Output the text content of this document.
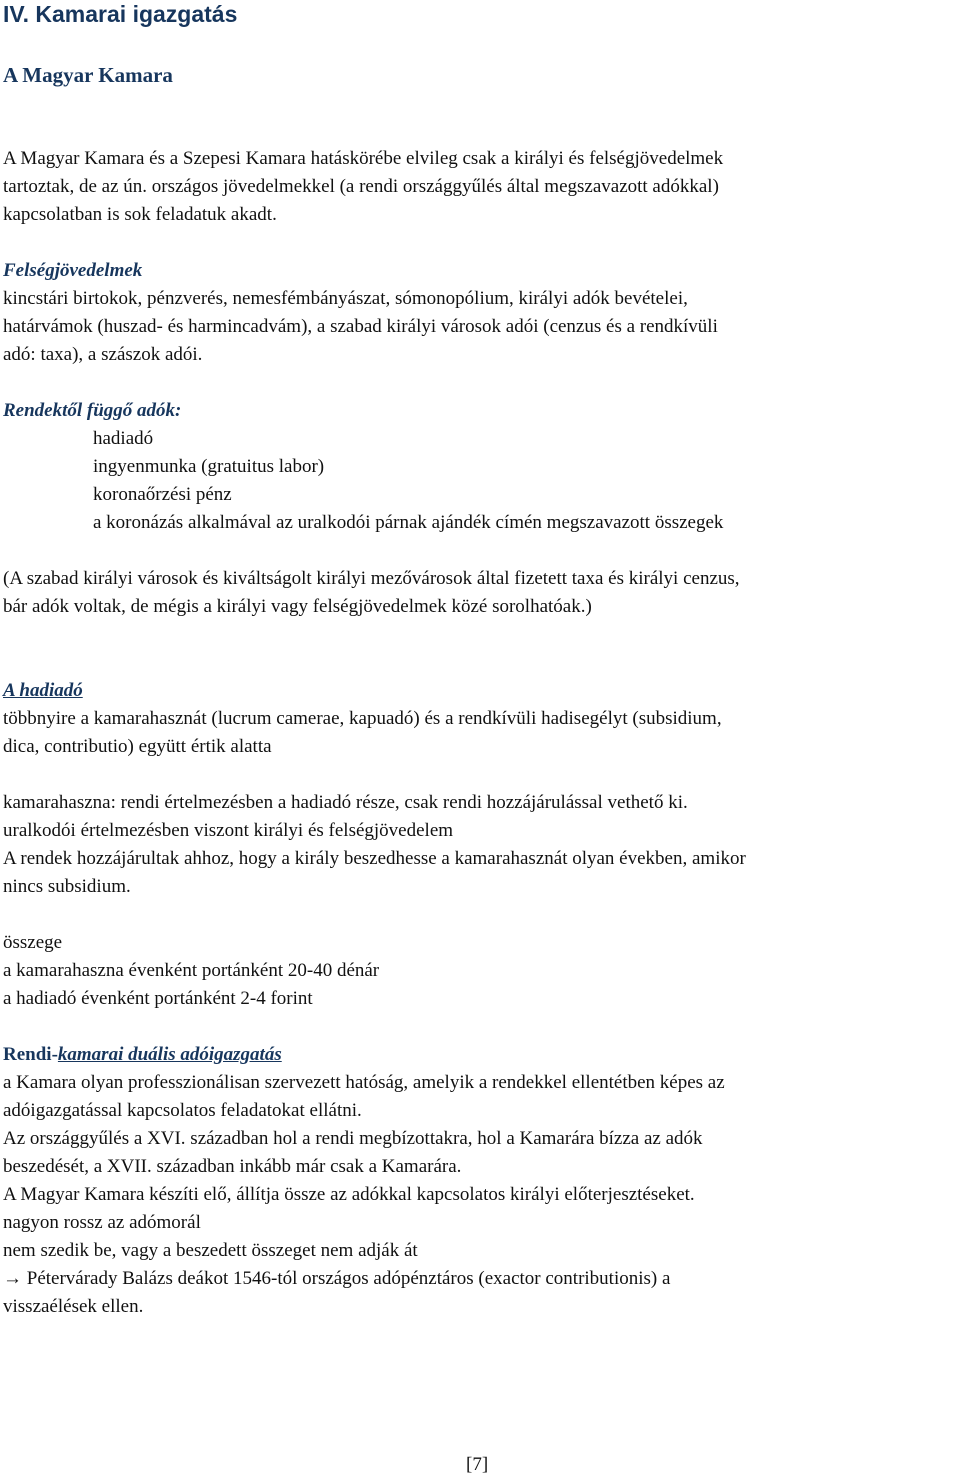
IV. Kamarai igazgatás
A Magyar Kamara
A Magyar Kamara és a Szepesi Kamara hatáskörébe elvileg csak a királyi és felségjövedelmek
tartoztak, de az ún. országos jövedelmekkel (a rendi országgyűlés által megszavazott adókkal)
kapcsolatban is sok feladatuk akadt.
Felségjövedelmek
kincstári birtokok, pénzverés, nemesfémbányászat, sómonopólium, királyi adók bevételei,
határvámok (huszad- és harmincadvám), a szabad királyi városok adói (cenzus és a rendkívüli
adó: taxa), a szászok adói.
Rendektől függő adók:
hadiadó
ingyenmunka (gratuitus labor)
koronaőrzési pénz
a koronázás alkalmával az uralkodói párnak ajándék címén megszavazott összegek
(A szabad királyi városok és kiváltságolt királyi mezővárosok által fizetett taxa és királyi cenzus,
bár adók voltak, de mégis a királyi vagy felségjövedelmek közé sorolhatóak.)
A hadiadó
többnyire a kamarahasznát (lucrum camerae, kapuadó) és a rendkívüli hadisegélyt (subsidium,
dica, contributio) együtt értik alatta
kamarahaszna: rendi értelmezésben a hadiadó része, csak rendi hozzájárulással vethető ki.
uralkodói értelmezésben viszont királyi és felségjövedelem
A rendek hozzájárultak ahhoz, hogy a király beszedhesse a kamarahasznát olyan években, amikor
nincs subsidium.
összege
a kamarahaszna évenként portánként 20-40 dénár
a hadiadó évenként portánként 2-4 forint
Rendi-kamarai duális adóigazgatás
a Kamara olyan professzionálisan szervezett hatóság, amelyik a rendekkel ellentétben képes az
adóigazgatással kapcsolatos feladatokat ellátni.
Az országgyűlés a XVI. században hol a rendi megbízottakra, hol a Kamarára bízza az adók
beszedését, a XVII. században inkább már csak a Kamarára.
A Magyar Kamara készíti elő, állítja össze az adókkal kapcsolatos királyi előterjesztéseket.
nagyon rossz az adómorál
nem szedik be, vagy a beszedett összeget nem adják át
→ Pétervárady Balázs deákot 1546-tól országos adópénztáros (exactor contributionis) a
visszaélések ellen.
[7]
